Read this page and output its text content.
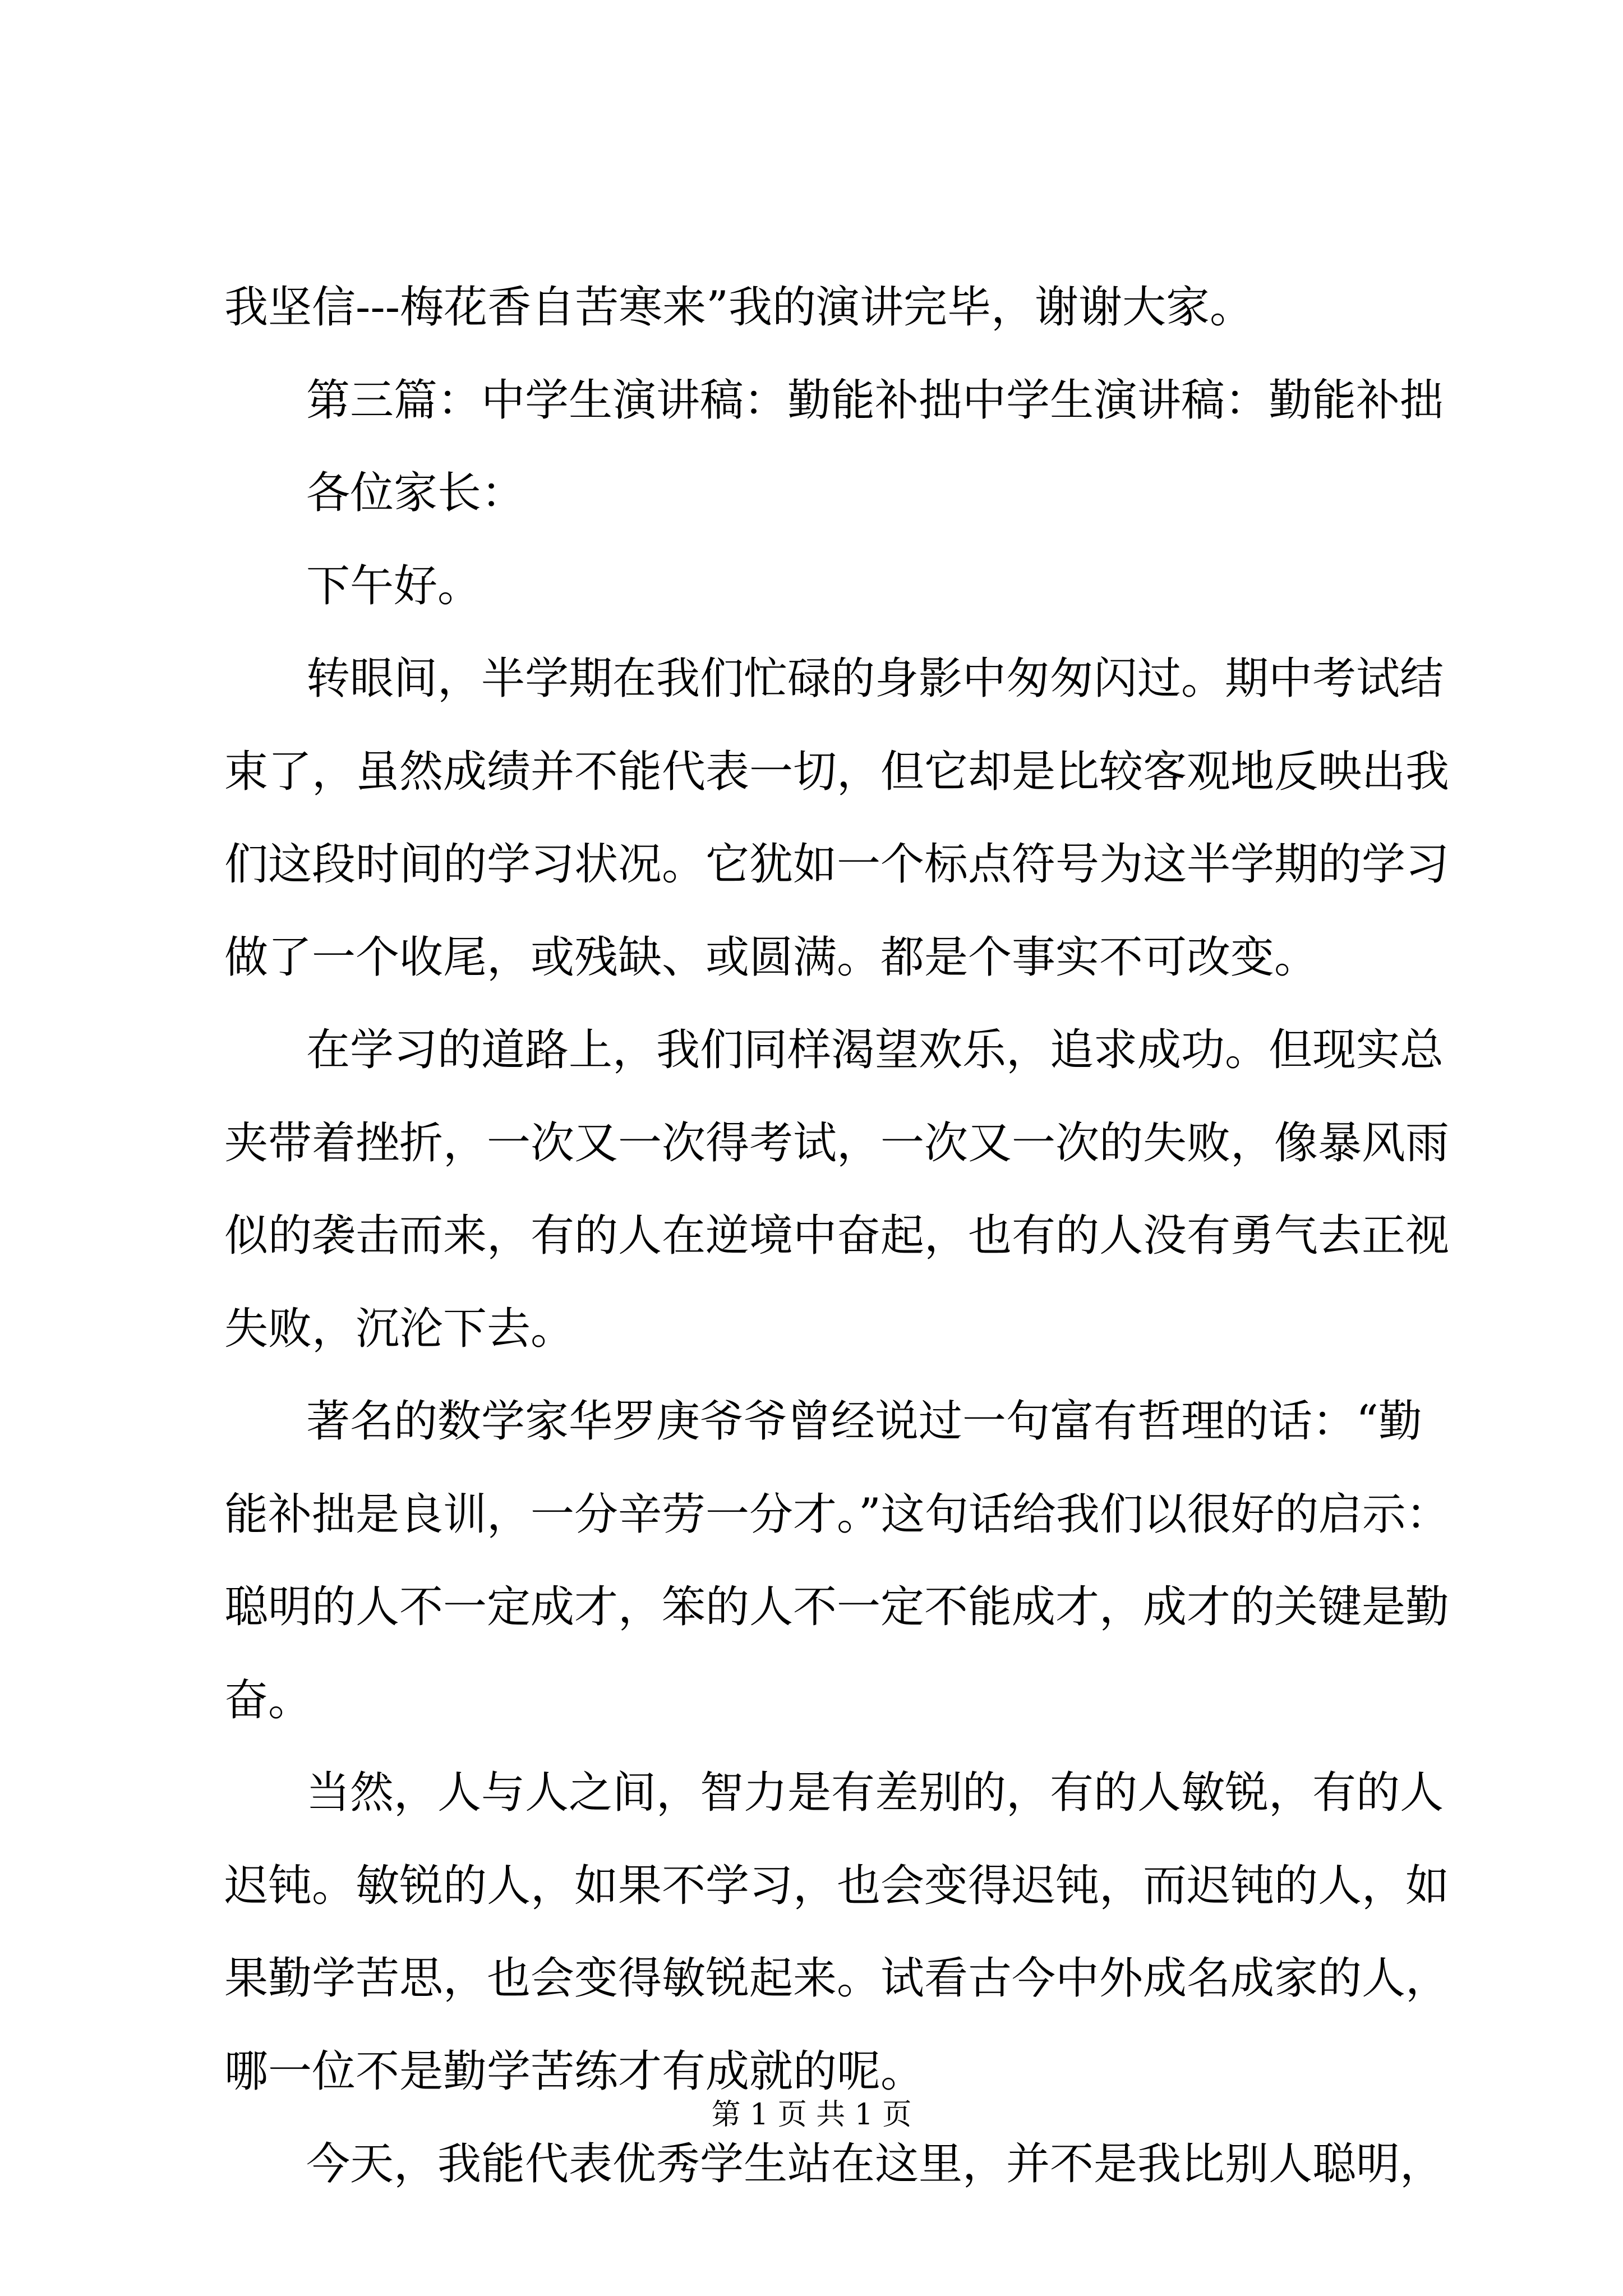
我坚信---梅花香自苦寒来”我的演讲完毕，谢谢大家。
第三篇：中学生演讲稿：勤能补拙中学生演讲稿：勤能补拙
各位家长：
下午好。
转眼间，半学期在我们忙碌的身影中匆匆闪过。期中考试结
束了，虽然成绩并不能代表一切，但它却是比较客观地反映出我
们这段时间的学习状况。它犹如一个标点符号为这半学期的学习
做了一个收尾，或残缺、或圆满。都是个事实不可改变。
在学习的道路上，我们同样渴望欢乐，追求成功。但现实总
夹带着挫折，一次又一次得考试，一次又一次的失败，像暴风雨
似的袭击而来，有的人在逆境中奋起，也有的人没有勇气去正视
失败，沉沦下去。
著名的数学家华罗庚爷爷曾经说过一句富有哲理的话：“勤
能补拙是良训，一分辛劳一分才。”这句话给我们以很好的启示：
聪明的人不一定成才，笨的人不一定不能成才，成才的关键是勤
奋。
当然，人与人之间，智力是有差别的，有的人敏锐，有的人
迟钝。敏锐的人，如果不学习，也会变得迟钝，而迟钝的人，如
果勤学苦思，也会变得敏锐起来。试看古今中外成名成家的人，
哪一位不是勤学苦练才有成就的呢。
今天，我能代表优秀学生站在这里，并不是我比别人聪明，
第 1 页 共 1 页
